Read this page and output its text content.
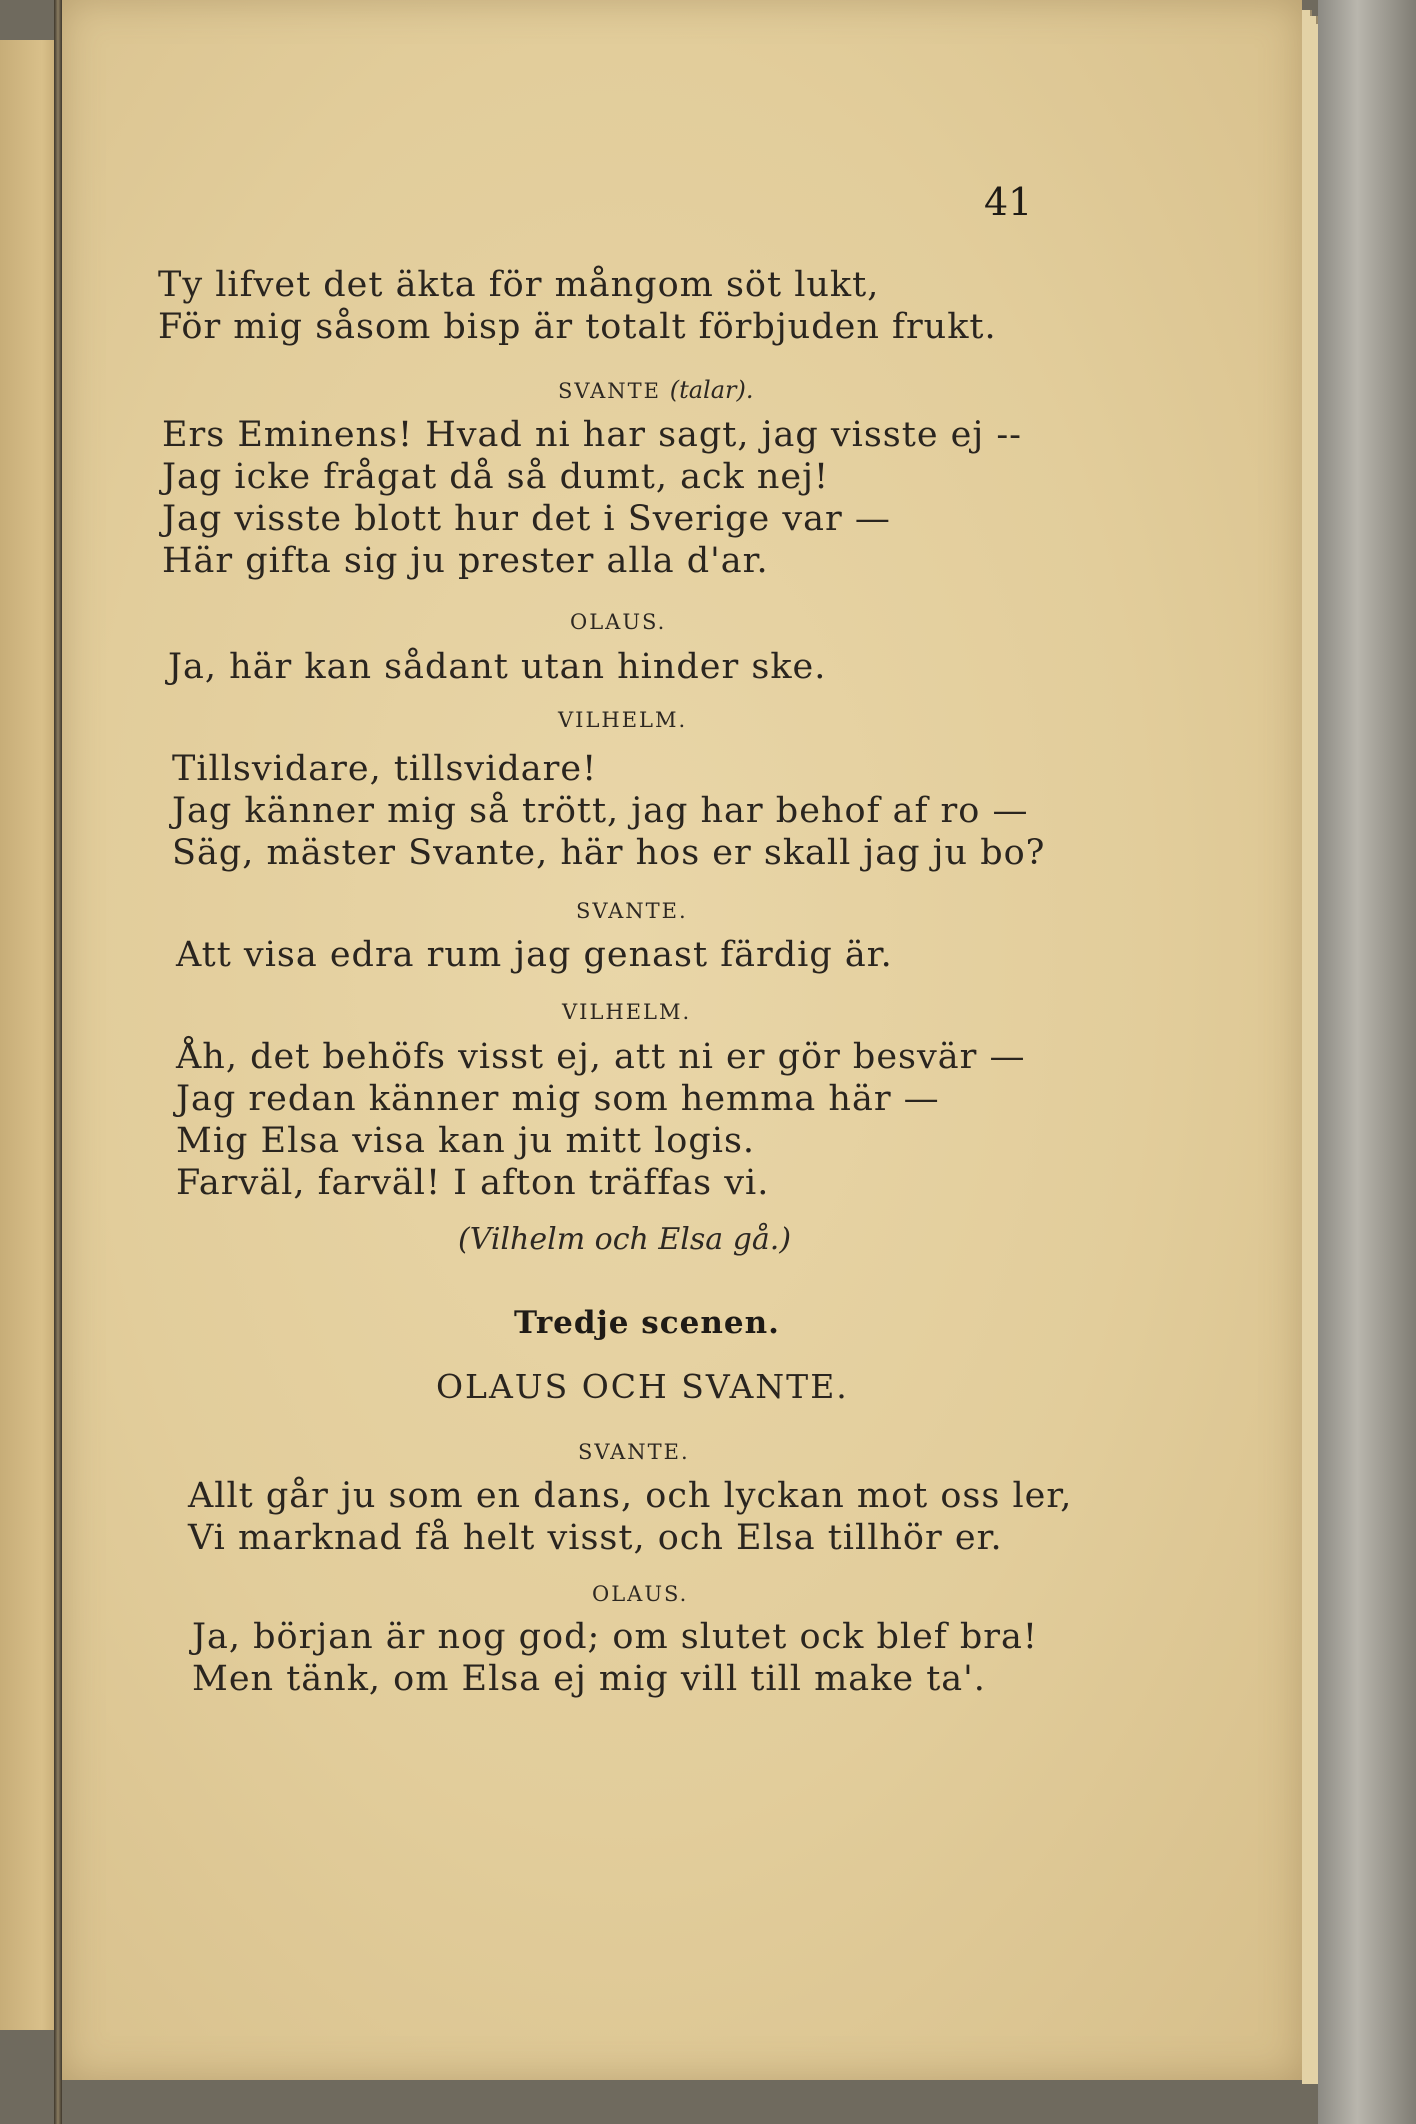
41
Ty lifvet det äkta för mångom söt lukt,
För mig såsom bisp är totalt förbjuden frukt.
SVANTE (talar).
Ers Eminens! Hvad ni har sagt, jag visste ej --
Jag icke frågat då så dumt, ack nej!
Jag visste blott hur det i Sverige var —
Här gifta sig ju prester alla d'ar.
OLAUS.
Ja, här kan sådant utan hinder ske.
VILHELM.
Tillsvidare, tillsvidare!
Jag känner mig så trött, jag har behof af ro —
Säg, mäster Svante, här hos er skall jag ju bo?
SVANTE.
Att visa edra rum jag genast färdig är.
VILHELM.
Åh, det behöfs visst ej, att ni er gör besvär —
Jag redan känner mig som hemma här —
Mig Elsa visa kan ju mitt logis.
Farväl, farväl! I afton träffas vi.
(Vilhelm och Elsa gå.)
Tredje scenen.
OLAUS OCH SVANTE.
SVANTE.
Allt går ju som en dans, och lyckan mot oss ler,
Vi marknad få helt visst, och Elsa tillhör er.
OLAUS.
Ja, början är nog god; om slutet ock blef bra!
Men tänk, om Elsa ej mig vill till make ta'.
